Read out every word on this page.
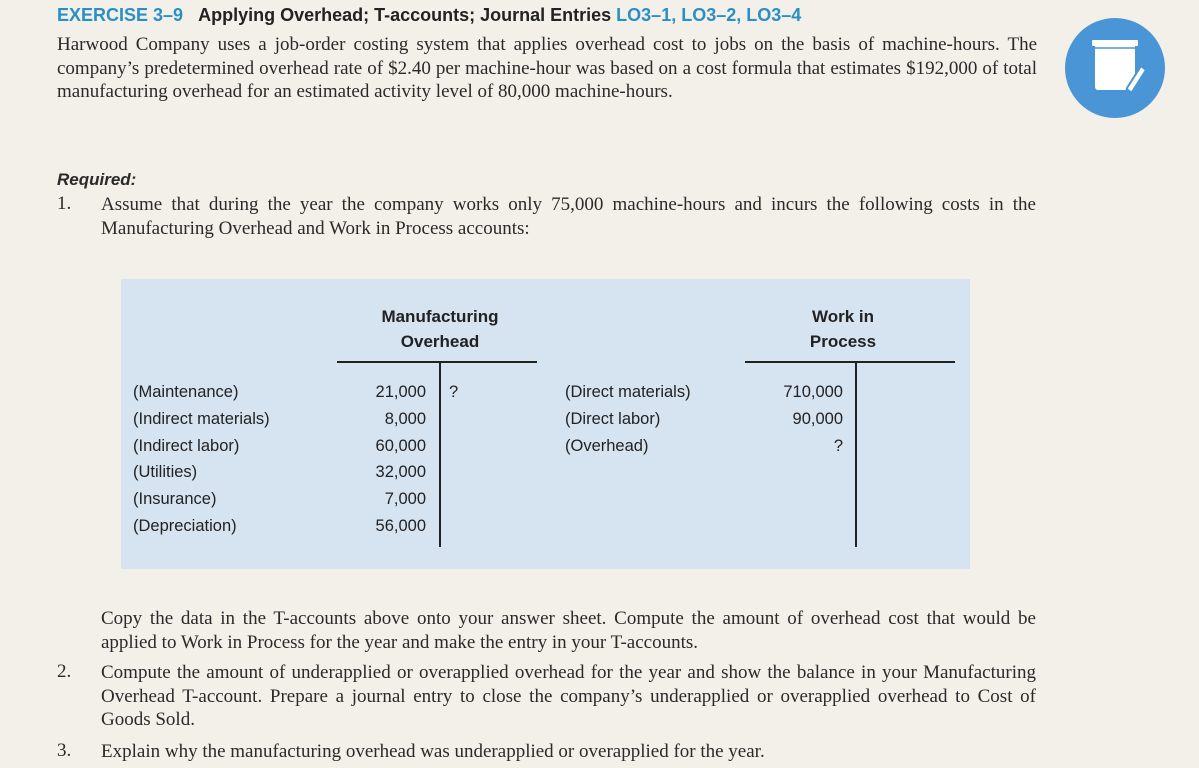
EXERCISE 3–9 Applying Overhead; T-accounts; Journal Entries LO3–1, LO3–2, LO3–4
Harwood Company uses a job-order costing system that applies overhead cost to jobs on the basis of machine-hours. The company’s predetermined overhead rate of $2.40 per machine-hour was based on a cost formula that estimates $192,000 of total manufacturing overhead for an estimated activity level of 80,000 machine-hours.
Required:
1. Assume that during the year the company works only 75,000 machine-hours and incurs the following costs in the Manufacturing Overhead and Work in Process accounts:
Manufacturing
Overhead
(Maintenance)	21,000
(Indirect materials)	8,000
(Indirect labor)	60,000
(Utilities)	32,000
(Insurance)	7,000
(Depreciation)	56,000
?
Work in
Process
(Direct materials)	710,000
(Direct labor)	90,000
(Overhead)	?
Copy the data in the T-accounts above onto your answer sheet. Compute the amount of overhead cost that would be applied to Work in Process for the year and make the entry in your T-accounts.
2. Compute the amount of underapplied or overapplied overhead for the year and show the balance in your Manufacturing Overhead T-account. Prepare a journal entry to close the company’s underapplied or overapplied overhead to Cost of Goods Sold.
3. Explain why the manufacturing overhead was underapplied or overapplied for the year.
